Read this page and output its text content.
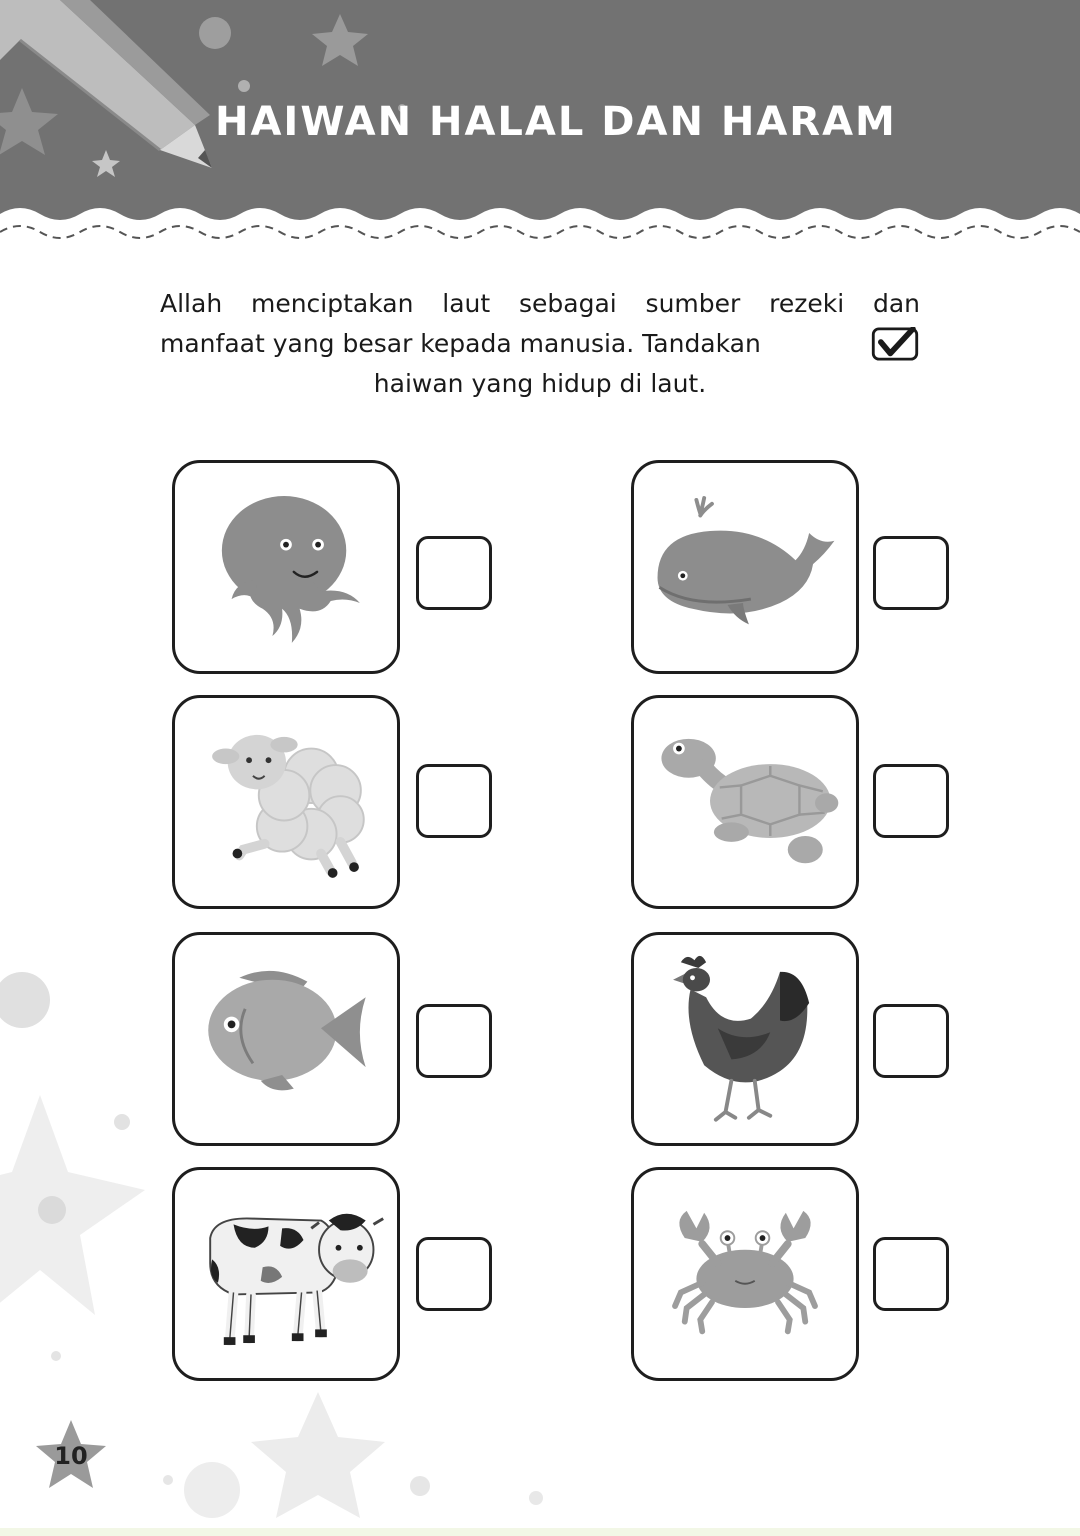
HAIWAN HALAL DAN HARAM
Allah menciptakan laut sebagai sumber rezeki dan
manfaat yang besar kepada manusia. Tandakan
haiwan yang hidup di laut.
10
